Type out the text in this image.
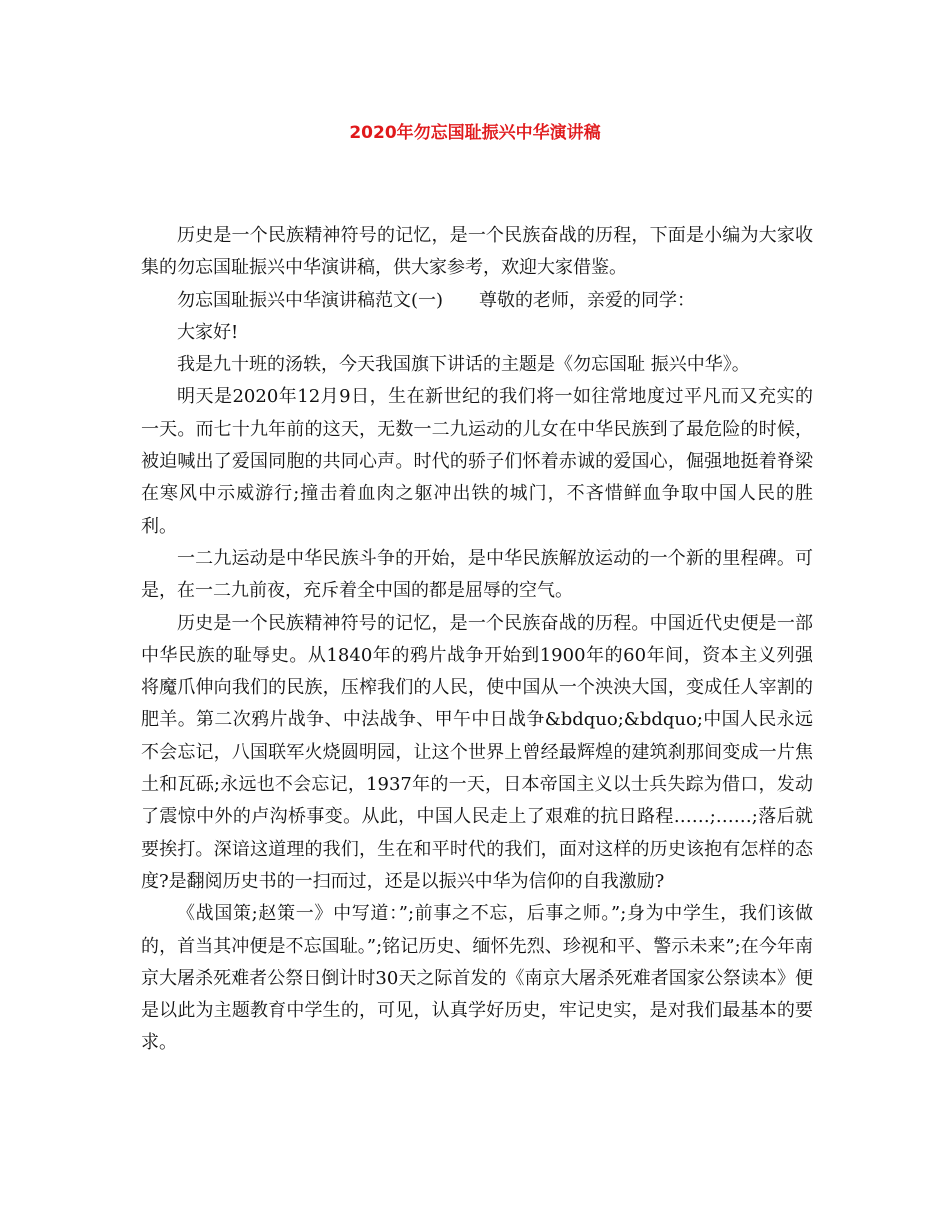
2020年勿忘国耻振兴中华演讲稿

历史是一个民族精神符号的记忆，是一个民族奋战的历程，下面是小编为大家收集的勿忘国耻振兴中华演讲稿，供大家参考，欢迎大家借鉴。

勿忘国耻振兴中华演讲稿范文(一) 尊敬的老师，亲爱的同学：

大家好!

我是九十班的汤轶，今天我国旗下讲话的主题是《勿忘国耻 振兴中华》。

明天是2020年12月9日，生在新世纪的我们将一如往常地度过平凡而又充实的一天。而七十九年前的这天，无数一二九运动的儿女在中华民族到了最危险的时候，被迫喊出了爱国同胞的共同心声。时代的骄子们怀着赤诚的爱国心，倔强地挺着脊梁在寒风中示威游行;撞击着血肉之躯冲出铁的城门，不吝惜鲜血争取中国人民的胜利。

一二九运动是中华民族斗争的开始，是中华民族解放运动的一个新的里程碑。可是，在一二九前夜，充斥着全中国的都是屈辱的空气。

历史是一个民族精神符号的记忆，是一个民族奋战的历程。中国近代史便是一部中华民族的耻辱史。从1840年的鸦片战争开始到1900年的60年间，资本主义列强将魔爪伸向我们的民族，压榨我们的人民，使中国从一个泱泱大国，变成任人宰割的肥羊。第二次鸦片战争、中法战争、甲午中日战争&bdquo;&bdquo;中国人民永远不会忘记，八国联军火烧圆明园，让这个世界上曾经最辉煌的建筑刹那间变成一片焦土和瓦砾;永远也不会忘记，1937年的一天，日本帝国主义以士兵失踪为借口，发动了震惊中外的卢沟桥事变。从此，中国人民走上了艰难的抗日路程……;……;落后就要挨打。深谙这道理的我们，生在和平时代的我们，面对这样的历史该抱有怎样的态度?是翻阅历史书的一扫而过，还是以振兴中华为信仰的自我激励?

《战国策;赵策一》中写道：”;前事之不忘，后事之师。”;身为中学生，我们该做的，首当其冲便是不忘国耻。”;铭记历史、缅怀先烈、珍视和平、警示未来”;在今年南京大屠杀死难者公祭日倒计时30天之际首发的《南京大屠杀死难者国家公祭读本》便是以此为主题教育中学生的，可见，认真学好历史，牢记史实，是对我们最基本的要求。
